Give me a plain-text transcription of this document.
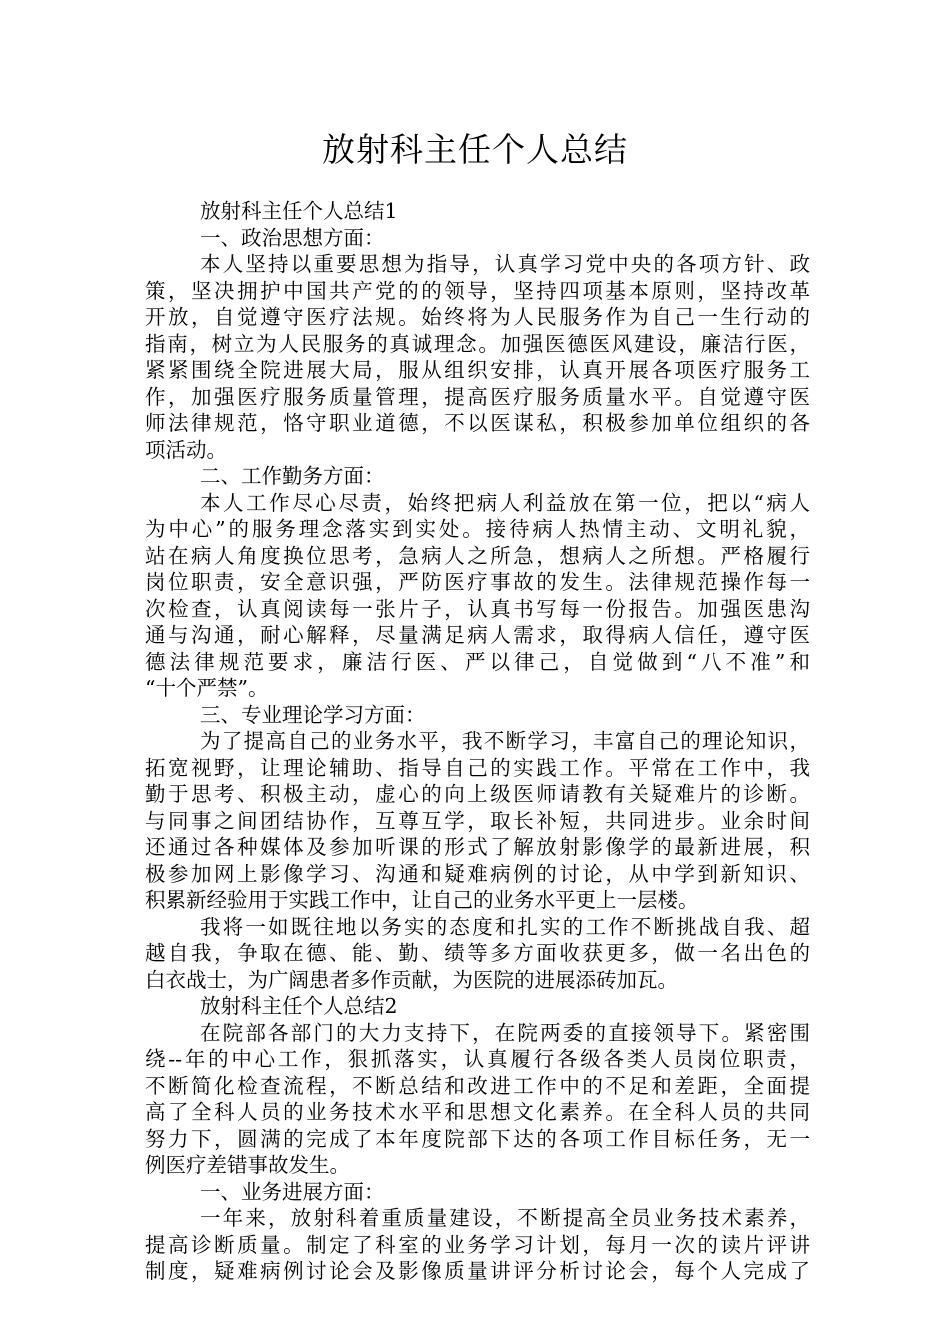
放射科主任个人总结
放射科主任个人总结1
一、政治思想方面：
本人坚持以重要思想为指导，认真学习党中央的各项方针、政
策，坚决拥护中国共产党的的领导，坚持四项基本原则，坚持改革
开放，自觉遵守医疗法规。始终将为人民服务作为自己一生行动的
指南，树立为人民服务的真诚理念。加强医德医风建设，廉洁行医，
紧紧围绕全院进展大局，服从组织安排，认真开展各项医疗服务工
作，加强医疗服务质量管理，提高医疗服务质量水平。自觉遵守医
师法律规范，恪守职业道德，不以医谋私，积极参加单位组织的各
项活动。
二、工作勤务方面：
本人工作尽心尽责，始终把病人利益放在第一位，把以“病人
为中心”的服务理念落实到实处。接待病人热情主动、文明礼貌，
站在病人角度换位思考，急病人之所急，想病人之所想。严格履行
岗位职责，安全意识强，严防医疗事故的发生。法律规范操作每一
次检查，认真阅读每一张片子，认真书写每一份报告。加强医患沟
通与沟通，耐心解释，尽量满足病人需求，取得病人信任，遵守医
德法律规范要求，廉洁行医、严以律己，自觉做到“八不准”和
“十个严禁”。
三、专业理论学习方面：
为了提高自己的业务水平，我不断学习，丰富自己的理论知识，
拓宽视野，让理论辅助、指导自己的实践工作。平常在工作中，我
勤于思考、积极主动，虚心的向上级医师请教有关疑难片的诊断。
与同事之间团结协作，互尊互学，取长补短，共同进步。业余时间
还通过各种媒体及参加听课的形式了解放射影像学的最新进展，积
极参加网上影像学习、沟通和疑难病例的讨论，从中学到新知识、
积累新经验用于实践工作中，让自己的业务水平更上一层楼。
我将一如既往地以务实的态度和扎实的工作不断挑战自我、超
越自我，争取在德、能、勤、绩等多方面收获更多，做一名出色的
白衣战士，为广阔患者多作贡献，为医院的进展添砖加瓦。
放射科主任个人总结2
在院部各部门的大力支持下，在院两委的直接领导下。紧密围
绕--年的中心工作，狠抓落实，认真履行各级各类人员岗位职责，
不断简化检查流程，不断总结和改进工作中的不足和差距，全面提
高了全科人员的业务技术水平和思想文化素养。在全科人员的共同
努力下，圆满的完成了本年度院部下达的各项工作目标任务，无一
例医疗差错事故发生。
一、业务进展方面：
一年来，放射科着重质量建设，不断提高全员业务技术素养，
提高诊断质量。制定了科室的业务学习计划，每月一次的读片评讲
制度，疑难病例讨论会及影像质量讲评分析讨论会，每个人完成了
